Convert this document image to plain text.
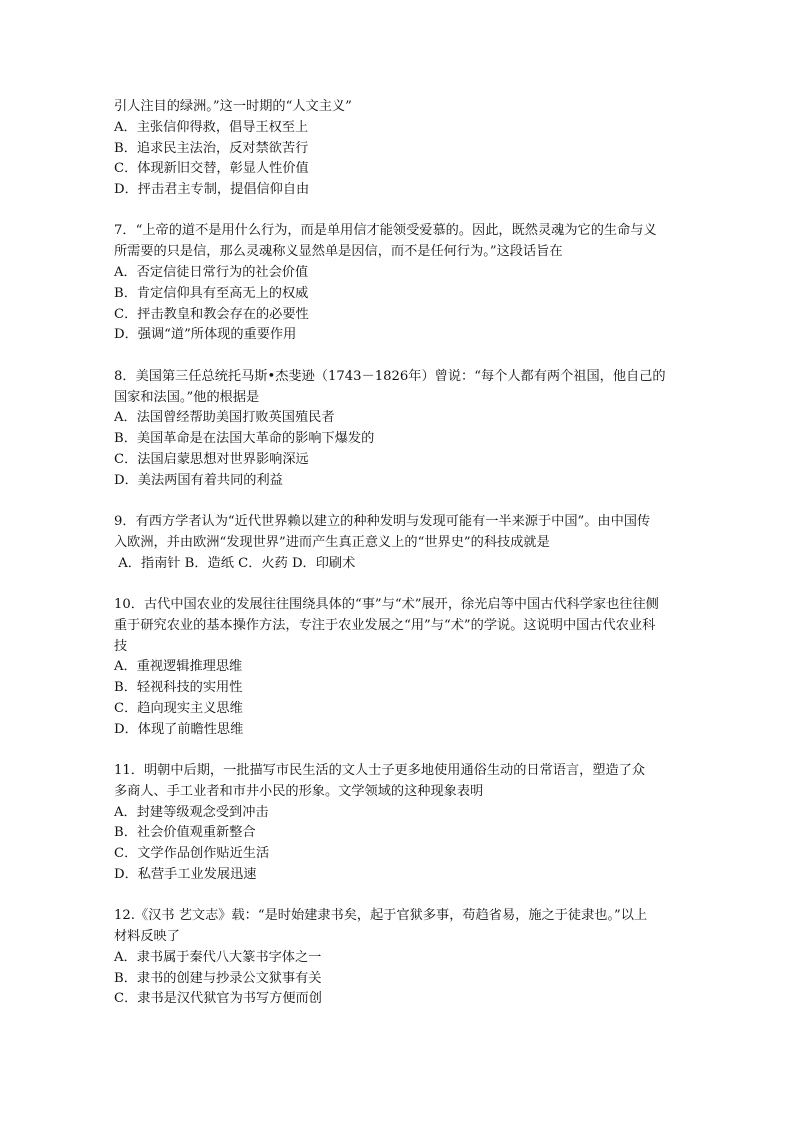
引人注目的绿洲。”这一时期的“人文主义”
A．主张信仰得救，倡导王权至上
B．追求民主法治，反对禁欲苦行
C．体现新旧交替，彰显人性价值
D．抨击君主专制，提倡信仰自由
7．“上帝的道不是用什么行为，而是单用信才能领受爱慕的。因此，既然灵魂为它的生命与义
所需要的只是信，那么灵魂称义显然单是因信，而不是任何行为。”这段话旨在
A．否定信徒日常行为的社会价值
B．肯定信仰具有至高无上的权威
C．抨击教皇和教会存在的必要性
D．强调“道”所体现的重要作用
8．美国第三任总统托马斯•杰斐逊（1743－1826年）曾说：“每个人都有两个祖国，他自己的
国家和法国。”他的根据是
A．法国曾经帮助美国打败英国殖民者
B．美国革命是在法国大革命的影响下爆发的
C．法国启蒙思想对世界影响深远
D．美法两国有着共同的利益
9．有西方学者认为“近代世界赖以建立的种种发明与发现可能有一半来源于中国”。由中国传
入欧洲，并由欧洲“发现世界”进而产生真正意义上的“世界史”的科技成就是
A．指南针 B．造纸 C．火药 D．印刷术
10．古代中国农业的发展往往围绕具体的“事”与“术”展开，徐光启等中国古代科学家也往往侧
重于研究农业的基本操作方法，专注于农业发展之“用”与“术”的学说。这说明中国古代农业科
技
A．重视逻辑推理思维
B．轻视科技的实用性
C．趋向现实主义思维
D．体现了前瞻性思维
11．明朝中后期，一批描写市民生活的文人士子更多地使用通俗生动的日常语言，塑造了众
多商人、手工业者和市井小民的形象。文学领域的这种现象表明
A．封建等级观念受到冲击
B．社会价值观重新整合
C．文学作品创作贴近生活
D．私营手工业发展迅速
12.《汉书 艺文志》载：“是时始建隶书矣，起于官狱多事，苟趋省易，施之于徒隶也。”以上
材料反映了
A．隶书属于秦代八大篆书字体之一
B．隶书的创建与抄录公文狱事有关
C．隶书是汉代狱官为书写方便而创
